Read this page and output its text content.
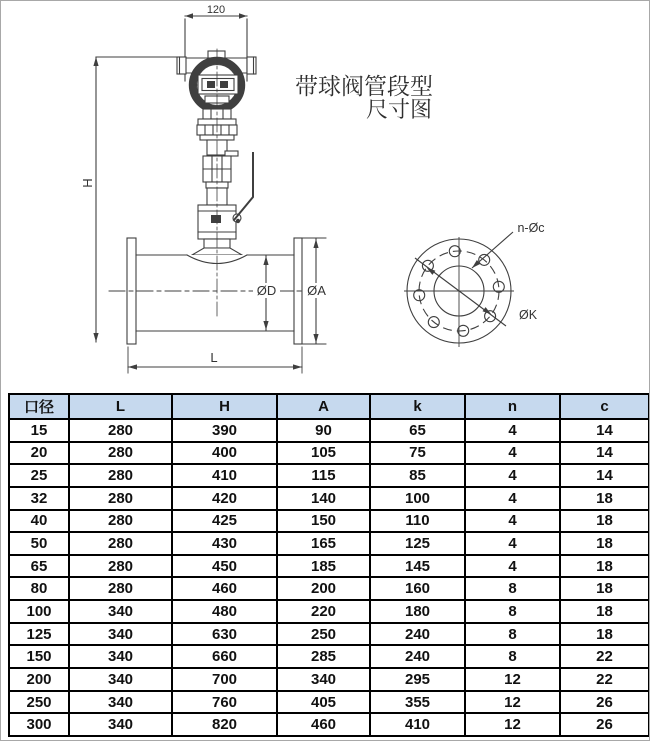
120
H
ØD ØA
L
n-Øc
ØK
带球阀管段型
尺寸图
口径	L	H	A	k	n	c
15	280	390	90	65	4	14
20	280	400	105	75	4	14
25	280	410	115	85	4	14
32	280	420	140	100	4	18
40	280	425	150	110	4	18
50	280	430	165	125	4	18
65	280	450	185	145	4	18
80	280	460	200	160	8	18
100	340	480	220	180	8	18
125	340	630	250	240	8	18
150	340	660	285	240	8	22
200	340	700	340	295	12	22
250	340	760	405	355	12	26
300	340	820	460	410	12	26
